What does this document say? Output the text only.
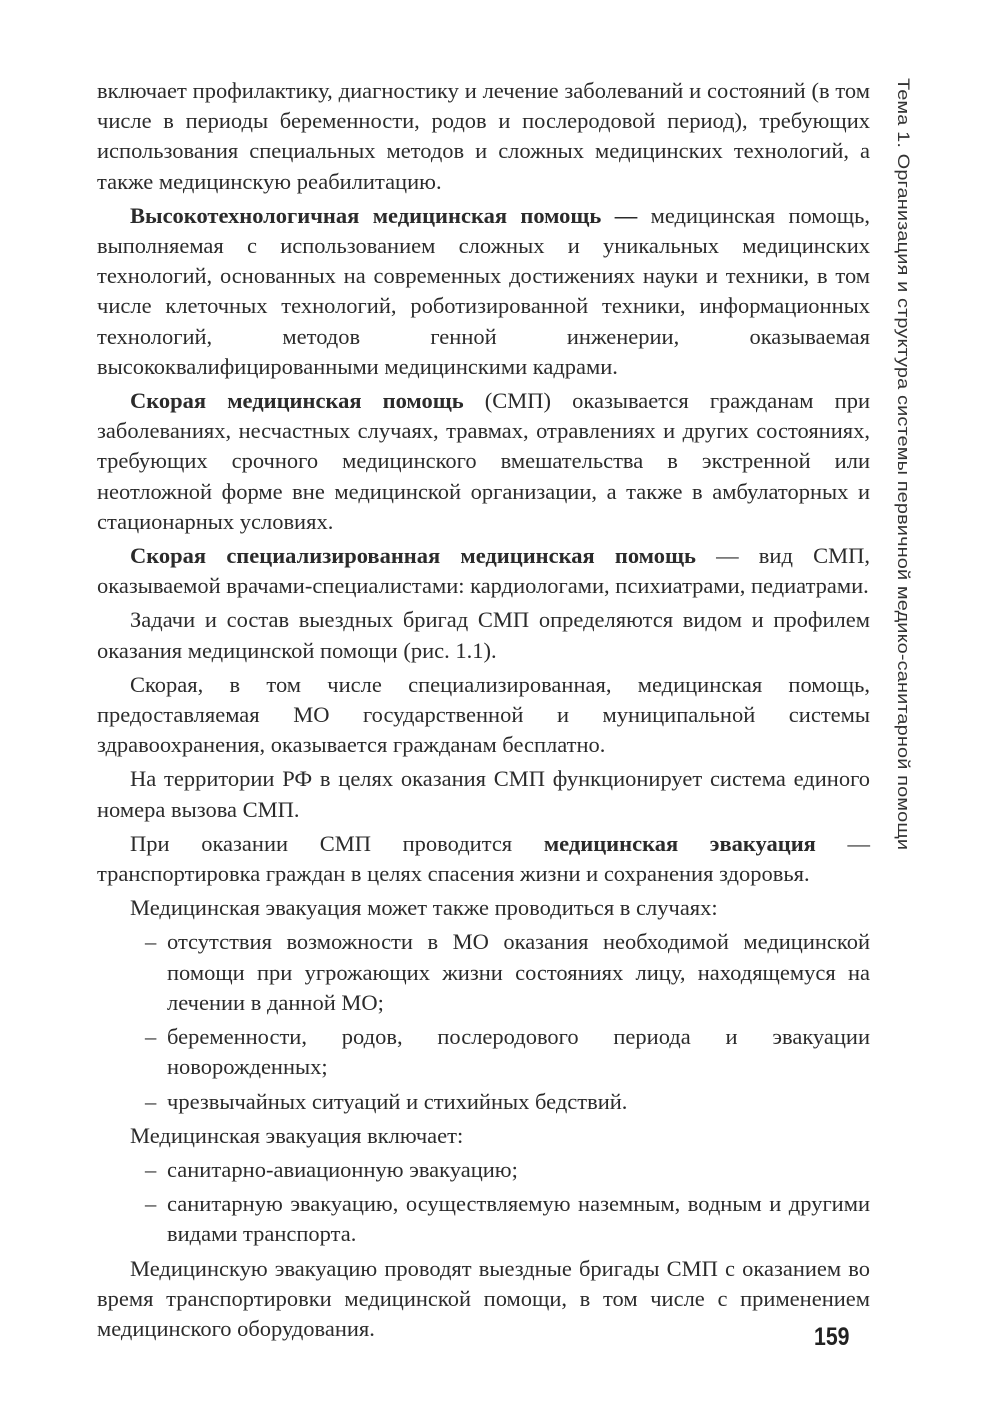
включает профилактику, диагностику и лечение заболеваний и состояний (в том числе в периоды беременности, родов и послеродовой период), требующих использования специальных методов и сложных медицинских технологий, а также медицинскую реабилитацию.

Высокотехнологичная медицинская помощь — медицинская помощь, выполняемая с использованием сложных и уникальных медицинских технологий, основанных на современных достижениях науки и техники, в том числе клеточных технологий, роботизированной техники, информационных технологий, методов генной инженерии, оказываемая высококвалифицированными медицинскими кадрами.

Скорая медицинская помощь (СМП) оказывается гражданам при заболеваниях, несчастных случаях, травмах, отравлениях и других состояниях, требующих срочного медицинского вмешательства в экстренной или неотложной форме вне медицинской организации, а также в амбулаторных и стационарных условиях.

Скорая специализированная медицинская помощь — вид СМП, оказываемой врачами-специалистами: кардиологами, психиатрами, педиатрами.

Задачи и состав выездных бригад СМП определяются видом и профилем оказания медицинской помощи (рис. 1.1).

Скорая, в том числе специализированная, медицинская помощь, предоставляемая МО государственной и муниципальной системы здравоохранения, оказывается гражданам бесплатно.

На территории РФ в целях оказания СМП функционирует система единого номера вызова СМП.

При оказании СМП проводится медицинская эвакуация — транспортировка граждан в целях спасения жизни и сохранения здоровья.

Медицинская эвакуация может также проводиться в случаях:

– отсутствия возможности в МО оказания необходимой медицинской помощи при угрожающих жизни состояниях лицу, находящемуся на лечении в данной МО;

– беременности, родов, послеродового периода и эвакуации новорожденных;

– чрезвычайных ситуаций и стихийных бедствий.

Медицинская эвакуация включает:

– санитарно-авиационную эвакуацию;

– санитарную эвакуацию, осуществляемую наземным, водным и другими видами транспорта.

Медицинскую эвакуацию проводят выездные бригады СМП с оказанием во время транспортировки медицинской помощи, в том числе с применением медицинского оборудования.

Тема 1. Организация и структура системы первичной медико-санитарной помощи
159
